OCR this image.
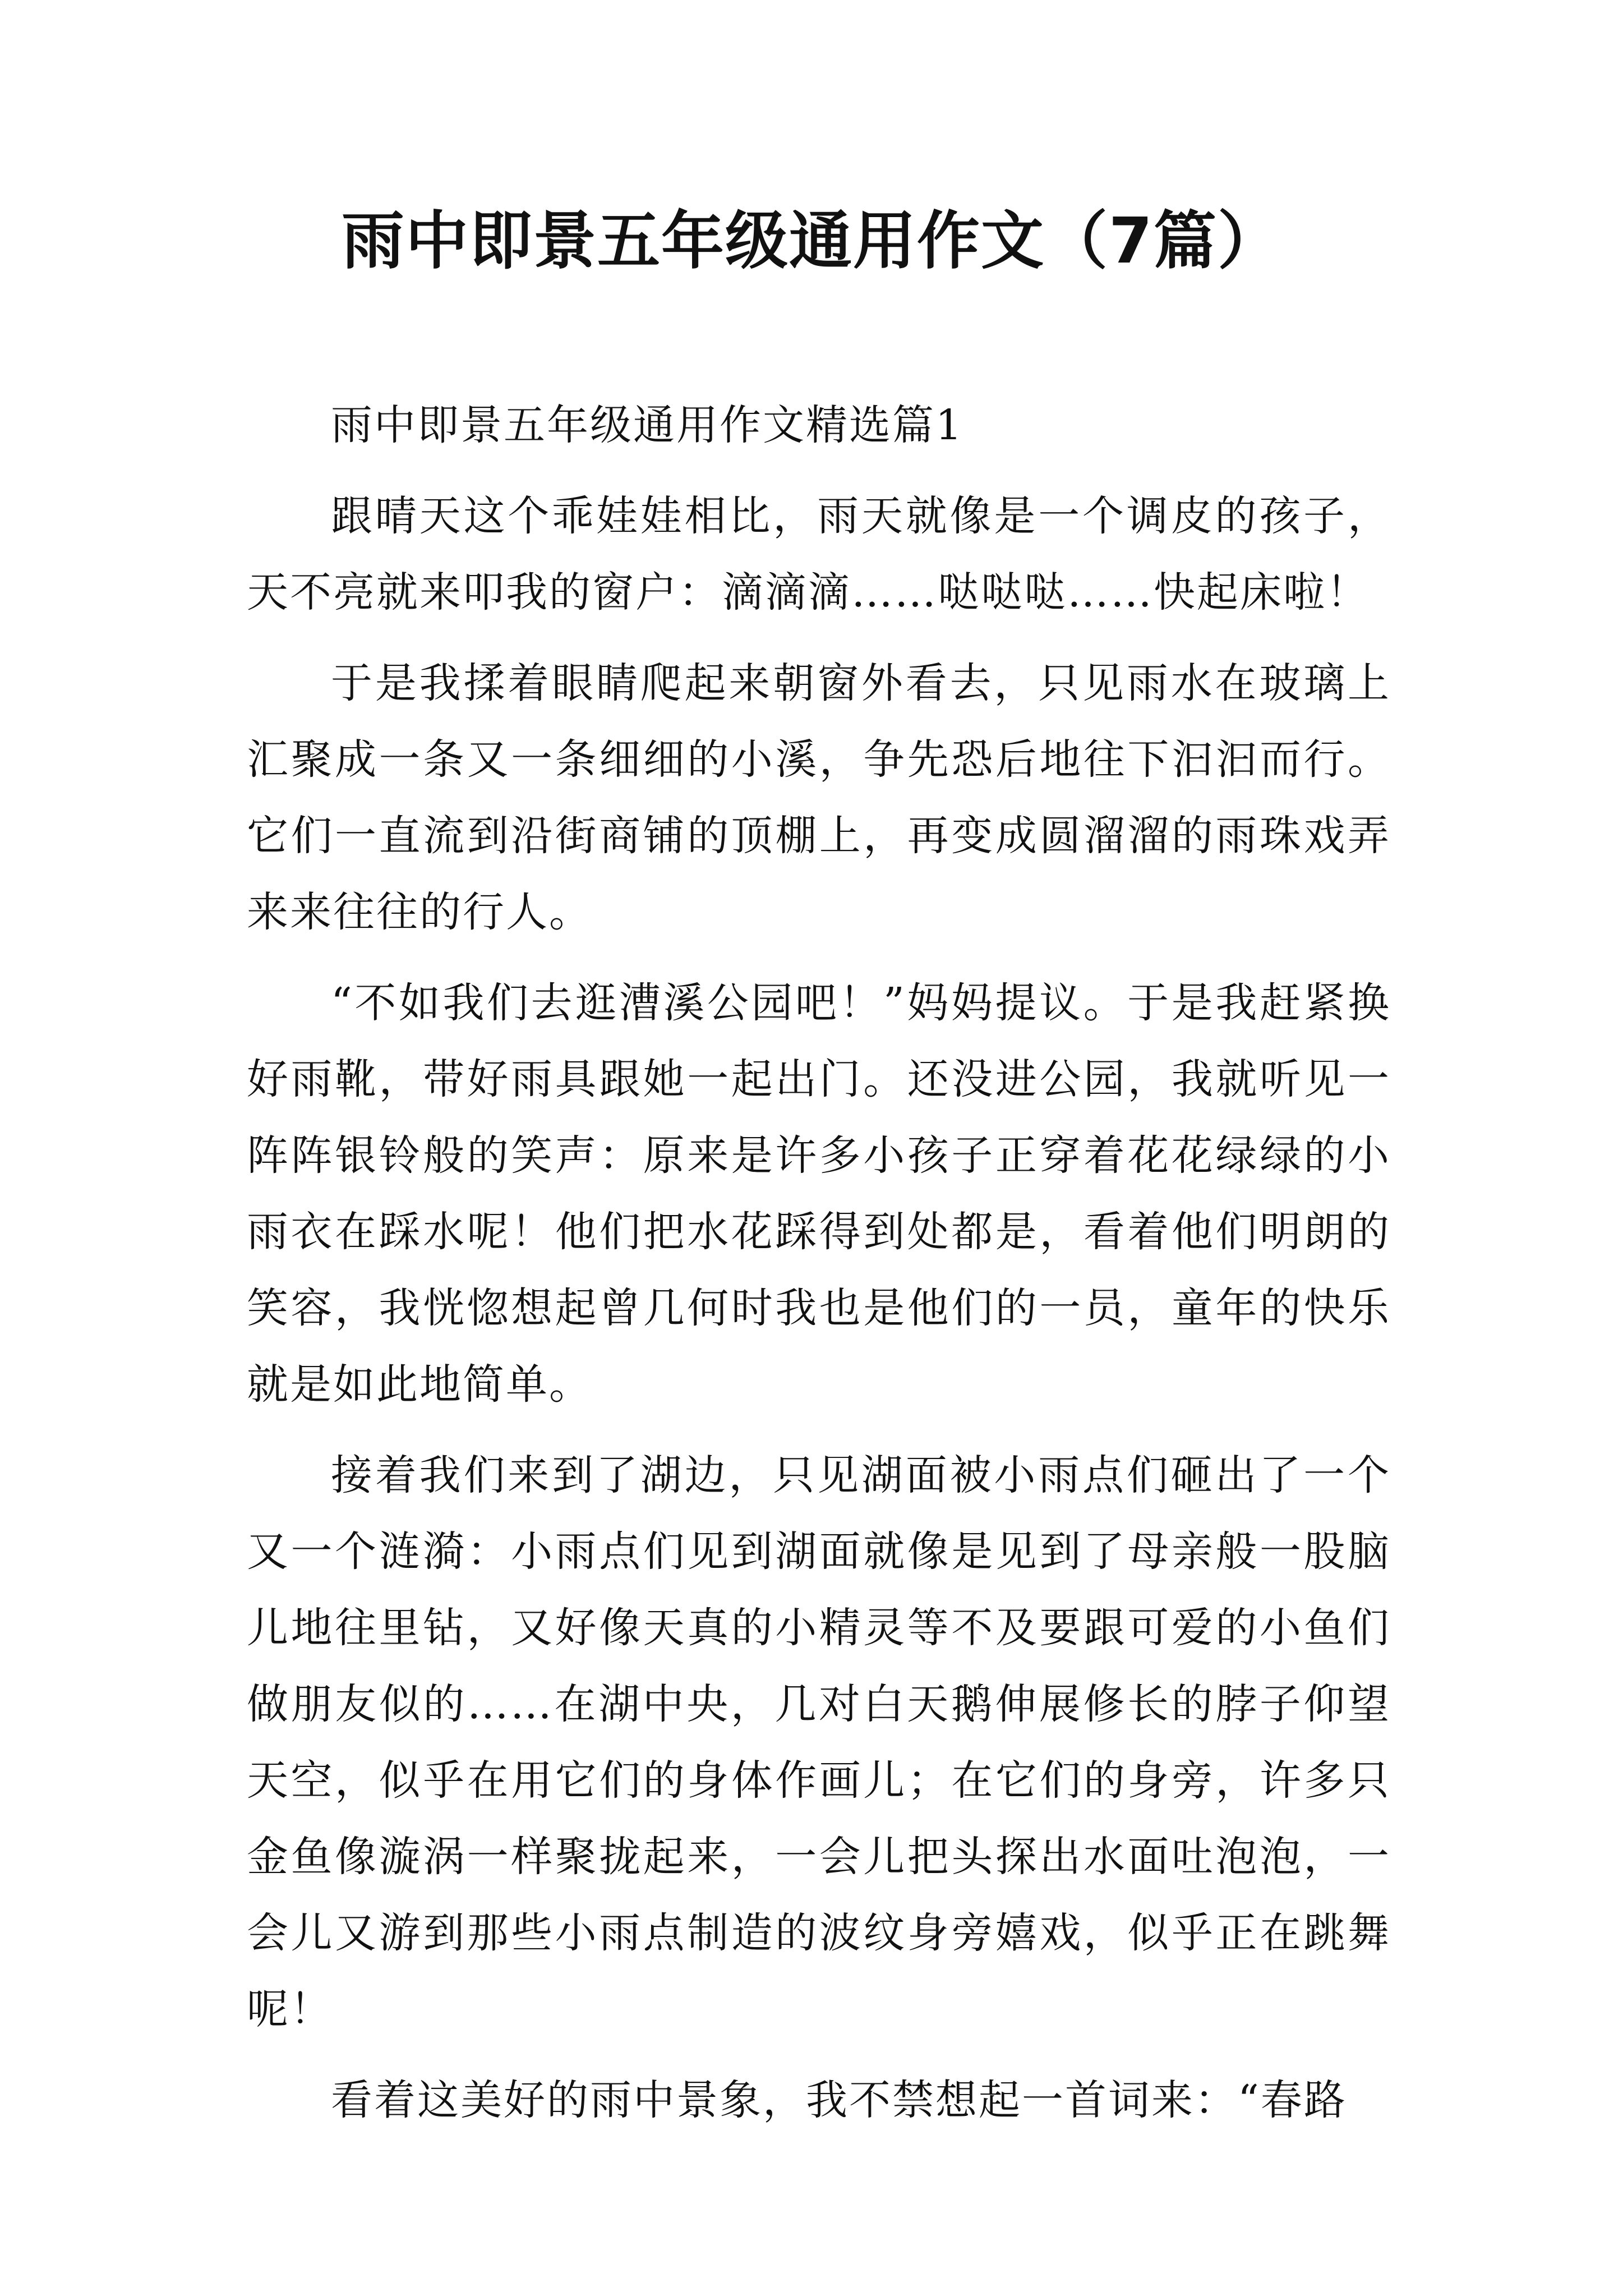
雨中即景五年级通用作文（7篇）

雨中即景五年级通用作文精选篇1

跟晴天这个乖娃娃相比，雨天就像是一个调皮的孩子，天不亮就来叩我的窗户：滴滴滴……哒哒哒……快起床啦！

于是我揉着眼睛爬起来朝窗外看去，只见雨水在玻璃上汇聚成一条又一条细细的小溪，争先恐后地往下汩汩而行。它们一直流到沿街商铺的顶棚上，再变成圆溜溜的雨珠戏弄来来往往的行人。

“不如我们去逛漕溪公园吧！”妈妈提议。于是我赶紧换好雨靴，带好雨具跟她一起出门。还没进公园，我就听见一阵阵银铃般的笑声：原来是许多小孩子正穿着花花绿绿的小雨衣在踩水呢！他们把水花踩得到处都是，看着他们明朗的笑容，我恍惚想起曾几何时我也是他们的一员，童年的快乐就是如此地简单。

接着我们来到了湖边，只见湖面被小雨点们砸出了一个又一个涟漪：小雨点们见到湖面就像是见到了母亲般一股脑儿地往里钻，又好像天真的小精灵等不及要跟可爱的小鱼们做朋友似的……在湖中央，几对白天鹅伸展修长的脖子仰望天空，似乎在用它们的身体作画儿；在它们的身旁，许多只金鱼像漩涡一样聚拢起来，一会儿把头探出水面吐泡泡，一会儿又游到那些小雨点制造的波纹身旁嬉戏，似乎正在跳舞呢！

看着这美好的雨中景象，我不禁想起一首词来：“春路
